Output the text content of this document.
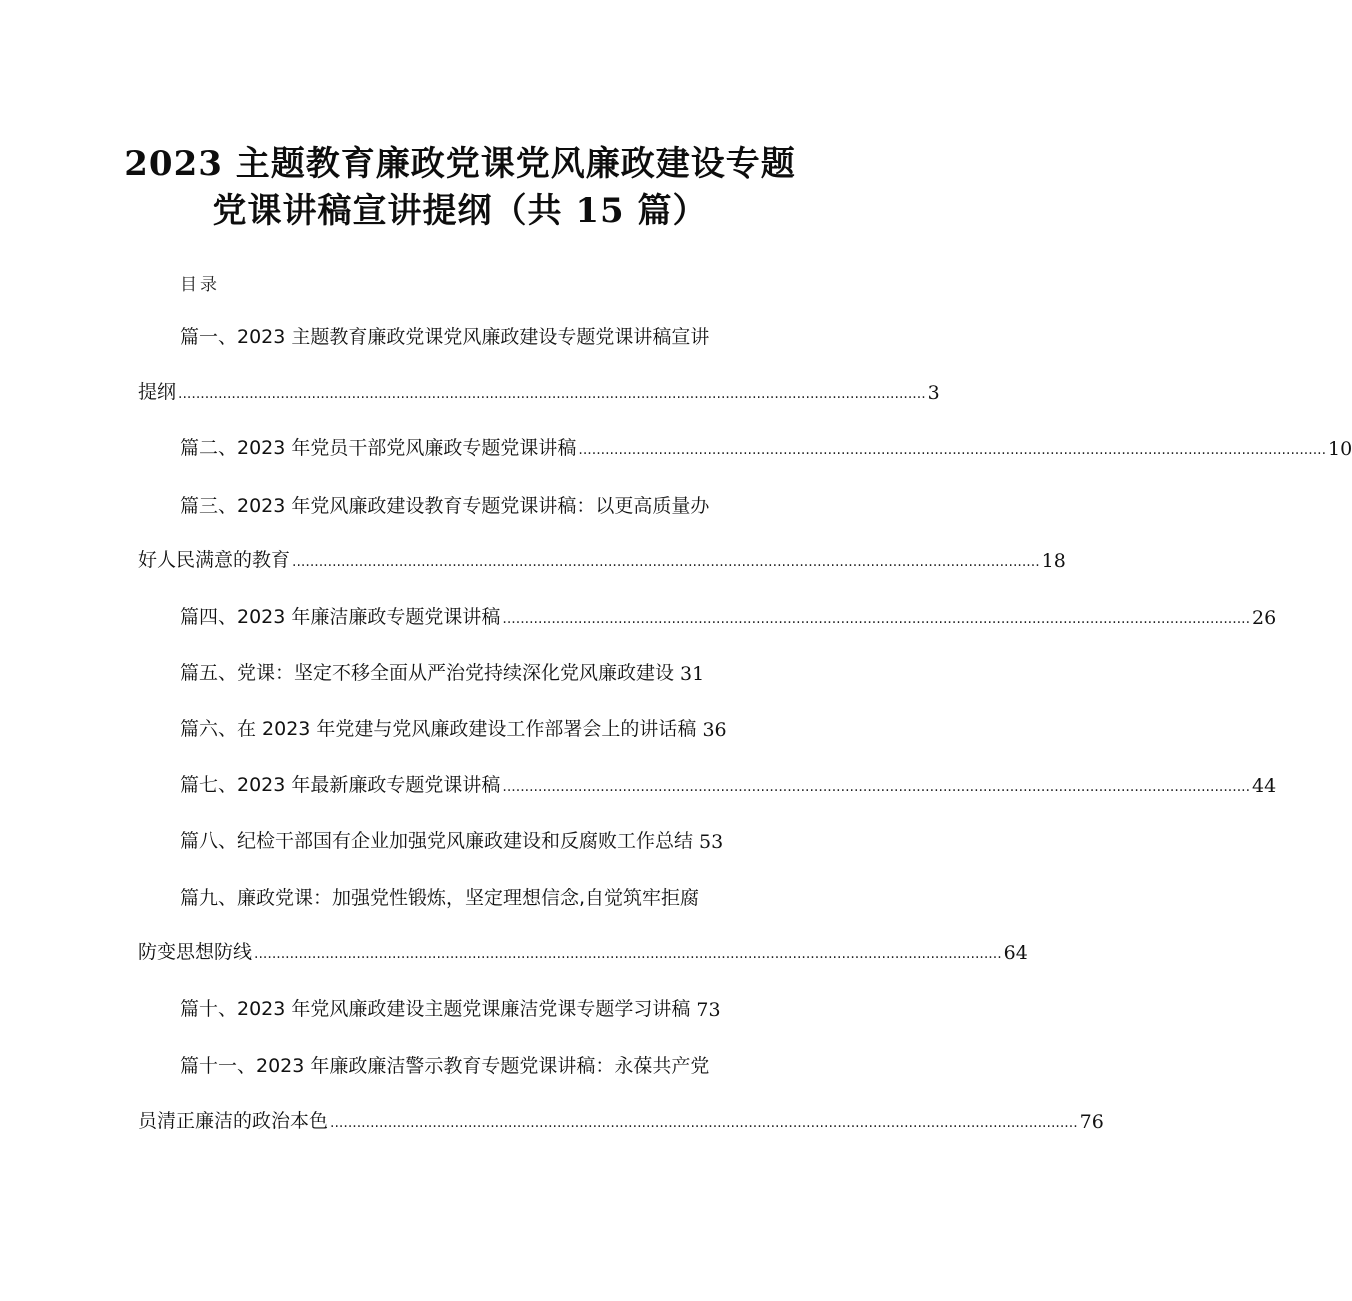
2023 主题教育廉政党课党风廉政建设专题
党课讲稿宣讲提纲（共 15 篇）
目录
篇一、2023 主题教育廉政党课党风廉政建设专题党课讲稿宣讲
提纲 ........................................................................................................................................................................ 3
篇二、2023 年党员干部党风廉政专题党课讲稿 ........................................................................................................................................................................ 10
篇三、2023 年党风廉政建设教育专题党课讲稿：以更高质量办
好人民满意的教育 ........................................................................................................................................................................ 18
篇四、2023 年廉洁廉政专题党课讲稿 ........................................................................................................................................................................ 26
篇五、党课：坚定不移全面从严治党持续深化党风廉政建设 31
篇六、在 2023 年党建与党风廉政建设工作部署会上的讲话稿 36
篇七、2023 年最新廉政专题党课讲稿 ........................................................................................................................................................................ 44
篇八、纪检干部国有企业加强党风廉政建设和反腐败工作总结 53
篇九、廉政党课：加强党性锻炼，坚定理想信念,自觉筑牢拒腐
防变思想防线 ........................................................................................................................................................................ 64
篇十、2023 年党风廉政建设主题党课廉洁党课专题学习讲稿 73
篇十一、2023 年廉政廉洁警示教育专题党课讲稿：永葆共产党
员清正廉洁的政治本色 ........................................................................................................................................................................ 76
